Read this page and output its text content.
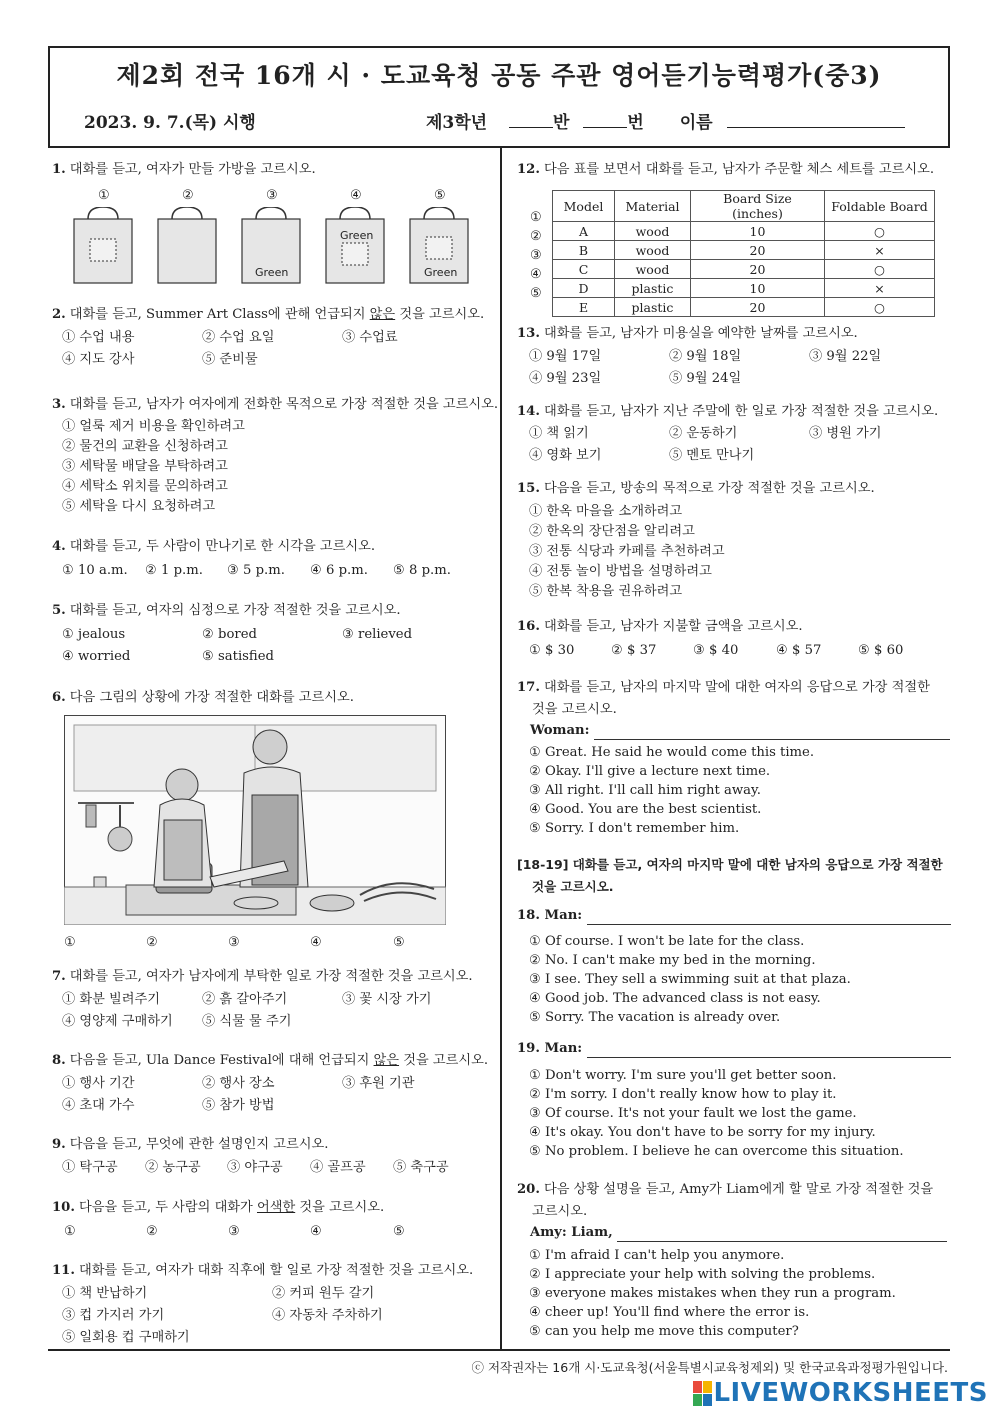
제2회 전국 16개 시 · 도교육청 공동 주관 영어듣기능력평가(중3)
2023. 9. 7.(목) 시행	제3학년	반	번 이름
1. 대화를 듣고, 여자가 만들 가방을 고르시오.
①	②	③	④	⑤
Green
Green
Green
2. 대화를 듣고, Summer Art Class에 관해 언급되지 않은 것을 고르시오.
① 수업 내용	② 수업 요일	③ 수업료
④ 지도 강사	⑤ 준비물
3. 대화를 듣고, 남자가 여자에게 전화한 목적으로 가장 적절한 것을 고르시오.
① 얼룩 제거 비용을 확인하려고
② 물건의 교환을 신청하려고
③ 세탁물 배달을 부탁하려고
④ 세탁소 위치를 문의하려고
⑤ 세탁을 다시 요청하려고
4. 대화를 듣고, 두 사람이 만나기로 한 시각을 고르시오.
① 10 a.m. ② 1 p.m. ③ 5 p.m. ④ 6 p.m. ⑤ 8 p.m.
5. 대화를 듣고, 여자의 심정으로 가장 적절한 것을 고르시오.
① jealous	② bored	③ relieved
④ worried	⑤ satisfied
6. 다음 그림의 상황에 가장 적절한 대화를 고르시오.
①	②	③	④	⑤
7. 대화를 듣고, 여자가 남자에게 부탁한 일로 가장 적절한 것을 고르시오.
① 화분 빌려주기	② 흙 갈아주기	③ 꽃 시장 가기
④ 영양제 구매하기 ⑤ 식물 물 주기
8. 다음을 듣고, Ula Dance Festival에 대해 언급되지 않은 것을 고르시오.
① 행사 기간	② 행사 장소	③ 후원 기관
④ 초대 가수	⑤ 참가 방법
9. 다음을 듣고, 무엇에 관한 설명인지 고르시오.
① 탁구공 ② 농구공 ③ 야구공 ④ 골프공 ⑤ 축구공
10. 다음을 듣고, 두 사람의 대화가 어색한 것을 고르시오.
①	②	③	④	⑤
11. 대화를 듣고, 여자가 대화 직후에 할 일로 가장 적절한 것을 고르시오.
① 책 반납하기	② 커피 원두 갈기
③ 컵 가지러 가기	④ 자동차 주차하기
⑤ 일회용 컵 구매하기
12. 다음 표를 보면서 대화를 듣고, 남자가 주문할 체스 세트를 고르시오.
Model	Material	Board Size (inches)	Foldable Board
A	wood	10	○
B	wood	20	×
C	wood	20	○
D	plastic	10	×
E	plastic	20	○
①
②
③
④
⑤
13. 대화를 듣고, 남자가 미용실을 예약한 날짜를 고르시오.
① 9월 17일	② 9월 18일	③ 9월 22일
④ 9월 23일	⑤ 9월 24일
14. 대화를 듣고, 남자가 지난 주말에 한 일로 가장 적절한 것을 고르시오.
① 책 읽기	② 운동하기	③ 병원 가기
④ 영화 보기	⑤ 멘토 만나기
15. 다음을 듣고, 방송의 목적으로 가장 적절한 것을 고르시오.
① 한옥 마을을 소개하려고
② 한옥의 장단점을 알리려고
③ 전통 식당과 카페를 추천하려고
④ 전통 놀이 방법을 설명하려고
⑤ 한복 착용을 권유하려고
16. 대화를 듣고, 남자가 지불할 금액을 고르시오.
① $ 30	② $ 37	③ $ 40	④ $ 57	⑤ $ 60
17. 대화를 듣고, 남자의 마지막 말에 대한 여자의 응답으로 가장 적절한
것을 고르시오.
Woman:
① Great. He said he would come this time.
② Okay. I'll give a lecture next time.
③ All right. I'll call him right away.
④ Good. You are the best scientist.
⑤ Sorry. I don't remember him.
[18-19] 대화를 듣고, 여자의 마지막 말에 대한 남자의 응답으로 가장 적절한
것을 고르시오.
18. Man:
① Of course. I won't be late for the class.
② No. I can't make my bed in the morning.
③ I see. They sell a swimming suit at that plaza.
④ Good job. The advanced class is not easy.
⑤ Sorry. The vacation is already over.
19. Man:
① Don't worry. I'm sure you'll get better soon.
② I'm sorry. I don't really know how to play it.
③ Of course. It's not your fault we lost the game.
④ It's okay. You don't have to be sorry for my injury.
⑤ No problem. I believe he can overcome this situation.
20. 다음 상황 설명을 듣고, Amy가 Liam에게 할 말로 가장 적절한 것을
고르시오.
Amy: Liam,
① I'm afraid I can't help you anymore.
② I appreciate your help with solving the problems.
③ everyone makes mistakes when they run a program.
④ cheer up! You'll find where the error is.
⑤ can you help me move this computer?
ⓒ 저작권자는 16개 시·도교육청(서울특별시교육청제외) 및 한국교육과정평가원입니다.
LIVEWORKSHEETS
